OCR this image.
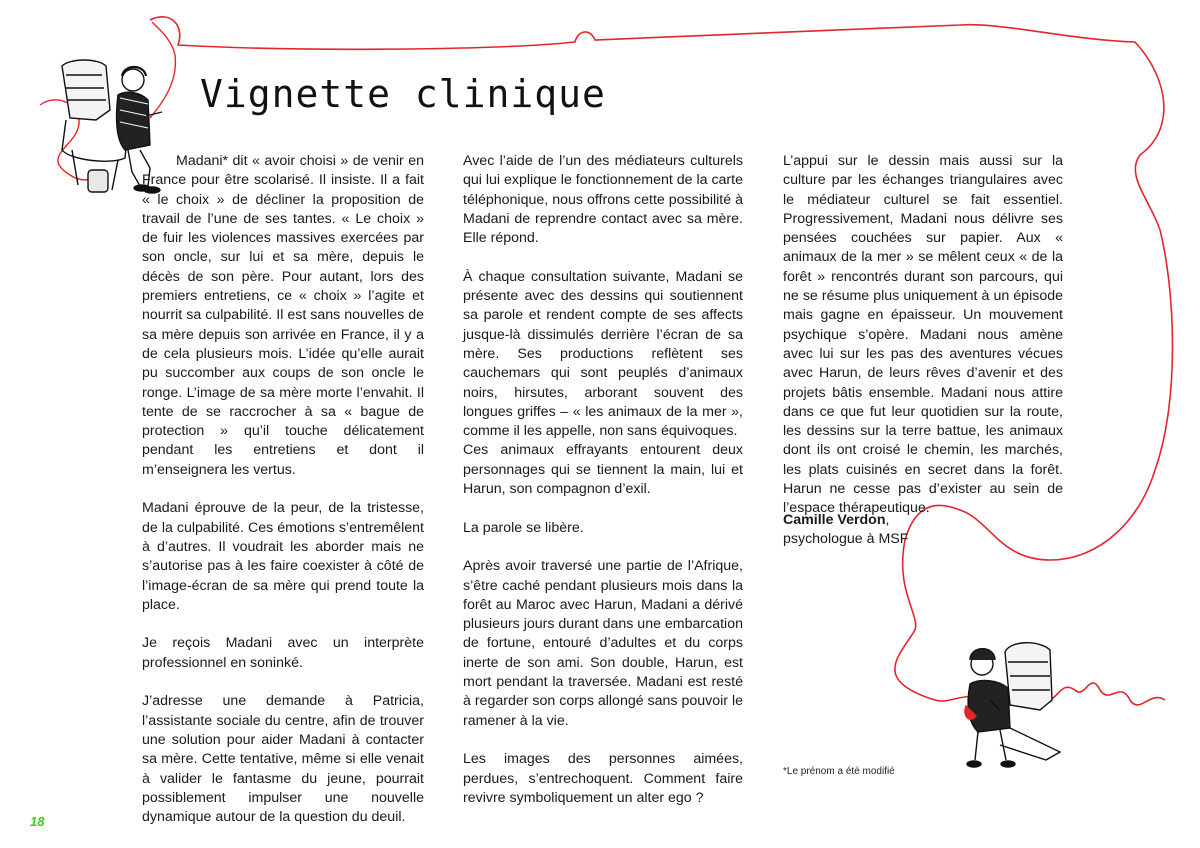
Vignette clinique

Madani* dit « avoir choisi » de venir en France pour être scolarisé. Il insiste. Il a fait « le choix » de décliner la proposition de travail de l’une de ses tantes. « Le choix » de fuir les violences massives exercées par son oncle, sur lui et sa mère, depuis le décès de son père. Pour autant, lors des premiers entretiens, ce « choix » l’agite et nourrit sa culpabilité. Il est sans nouvelles de sa mère depuis son arrivée en France, il y a de cela plusieurs mois. L’idée qu’elle aurait pu succomber aux coups de son oncle le ronge. L’image de sa mère morte l’envahit. Il tente de se raccrocher à sa « bague de protection » qu’il touche délicatement pendant les entretiens et dont il m’enseignera les vertus.

Madani éprouve de la peur, de la tristesse, de la culpabilité. Ces émotions s’entremêlent à d’autres. Il voudrait les aborder mais ne s’autorise pas à les faire coexister à côté de l’image-écran de sa mère qui prend toute la place.

Je reçois Madani avec un interprète professionnel en soninké.

J’adresse une demande à Patricia, l’assistante sociale du centre, afin de trouver une solution pour aider Madani à contacter sa mère. Cette tentative, même si elle venait à valider le fantasme du jeune, pourrait possiblement impulser une nouvelle dynamique autour de la question du deuil.

Avec l’aide de l’un des médiateurs culturels qui lui explique le fonctionnement de la carte téléphonique, nous offrons cette possibilité à Madani de reprendre contact avec sa mère. Elle répond.

À chaque consultation suivante, Madani se présente avec des dessins qui soutiennent sa parole et rendent compte de ses affects jusque-là dissimulés derrière l’écran de sa mère. Ses productions reflètent ses cauchemars qui sont peuplés d’animaux noirs, hirsutes, arborant souvent des longues griffes – « les animaux de la mer », comme il les appelle, non sans équivoques.

Ces animaux effrayants entourent deux personnages qui se tiennent la main, lui et Harun, son compagnon d’exil.

La parole se libère.

Après avoir traversé une partie de l’Afrique, s’être caché pendant plusieurs mois dans la forêt au Maroc avec Harun, Madani a dérivé plusieurs jours durant dans une embarcation de fortune, entouré d’adultes et du corps inerte de son ami. Son double, Harun, est mort pendant la traversée. Madani est resté à regarder son corps allongé sans pouvoir le ramener à la vie.

Les images des personnes aimées, perdues, s’entrechoquent. Comment faire revivre symboliquement un alter ego ?

L’appui sur le dessin mais aussi sur la culture par les échanges triangulaires avec le médiateur culturel se fait essentiel. Progressivement, Madani nous délivre ses pensées couchées sur papier. Aux « animaux de la mer » se mêlent ceux « de la forêt » rencontrés durant son parcours, qui ne se résume plus uniquement à un épisode mais gagne en épaisseur. Un mouvement psychique s’opère. Madani nous amène avec lui sur les pas des aventures vécues avec Harun, de leurs rêves d’avenir et des projets bâtis ensemble. Madani nous attire dans ce que fut leur quotidien sur la route, les dessins sur la terre battue, les animaux dont ils ont croisé le chemin, les marchés, les plats cuisinés en secret dans la forêt. Harun ne cesse pas d’exister au sein de l’espace thérapeutique.

Camille Verdon,
psychologue à MSF
*Le prénom a été modifié
18
